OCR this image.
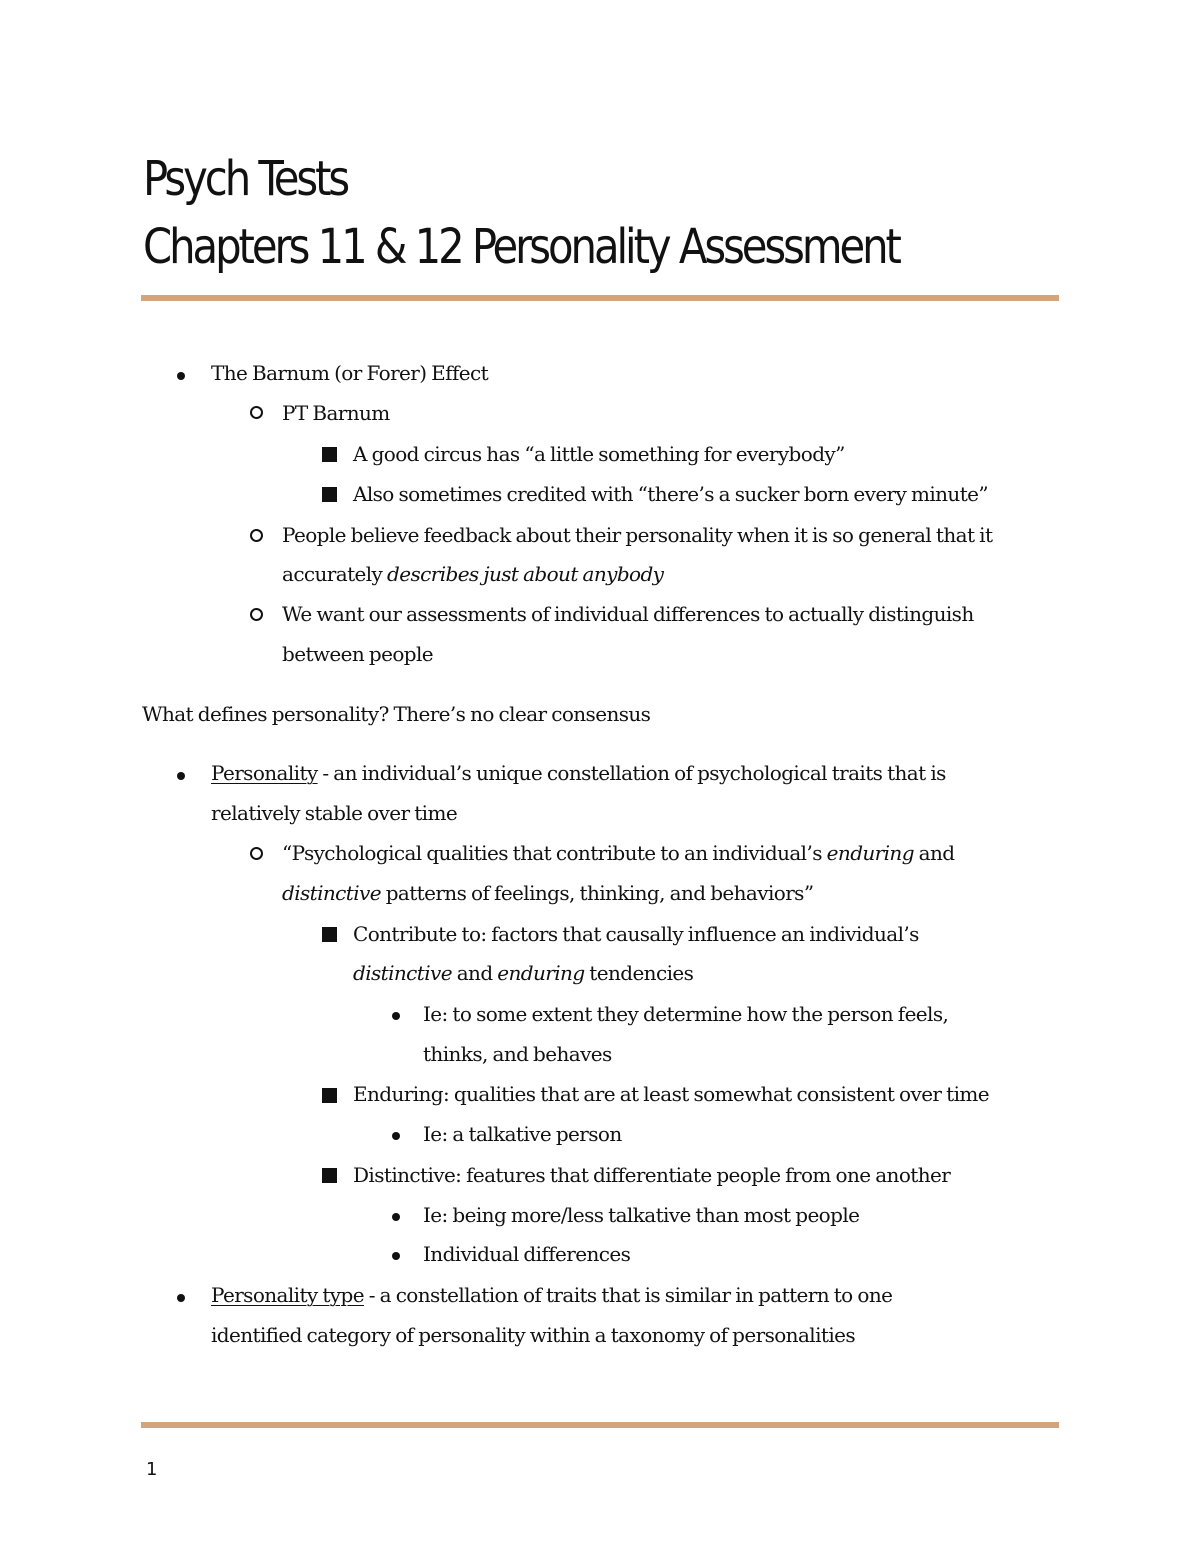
Psych Tests
Chapters 11 & 12 Personality Assessment
The Barnum (or Forer) Effect
PT Barnum
A good circus has “a little something for everybody”
Also sometimes credited with “there’s a sucker born every minute”
People believe feedback about their personality when it is so general that it
accurately describes just about anybody
We want our assessments of individual differences to actually distinguish
between people
What defines personality? There’s no clear consensus
Personality - an individual’s unique constellation of psychological traits that is
relatively stable over time
“Psychological qualities that contribute to an individual’s enduring and
distinctive patterns of feelings, thinking, and behaviors”
Contribute to: factors that causally influence an individual’s
distinctive and enduring tendencies
Ie: to some extent they determine how the person feels,
thinks, and behaves
Enduring: qualities that are at least somewhat consistent over time
Ie: a talkative person
Distinctive: features that differentiate people from one another
Ie: being more/less talkative than most people
Individual differences
Personality type - a constellation of traits that is similar in pattern to one
identified category of personality within a taxonomy of personalities
1
